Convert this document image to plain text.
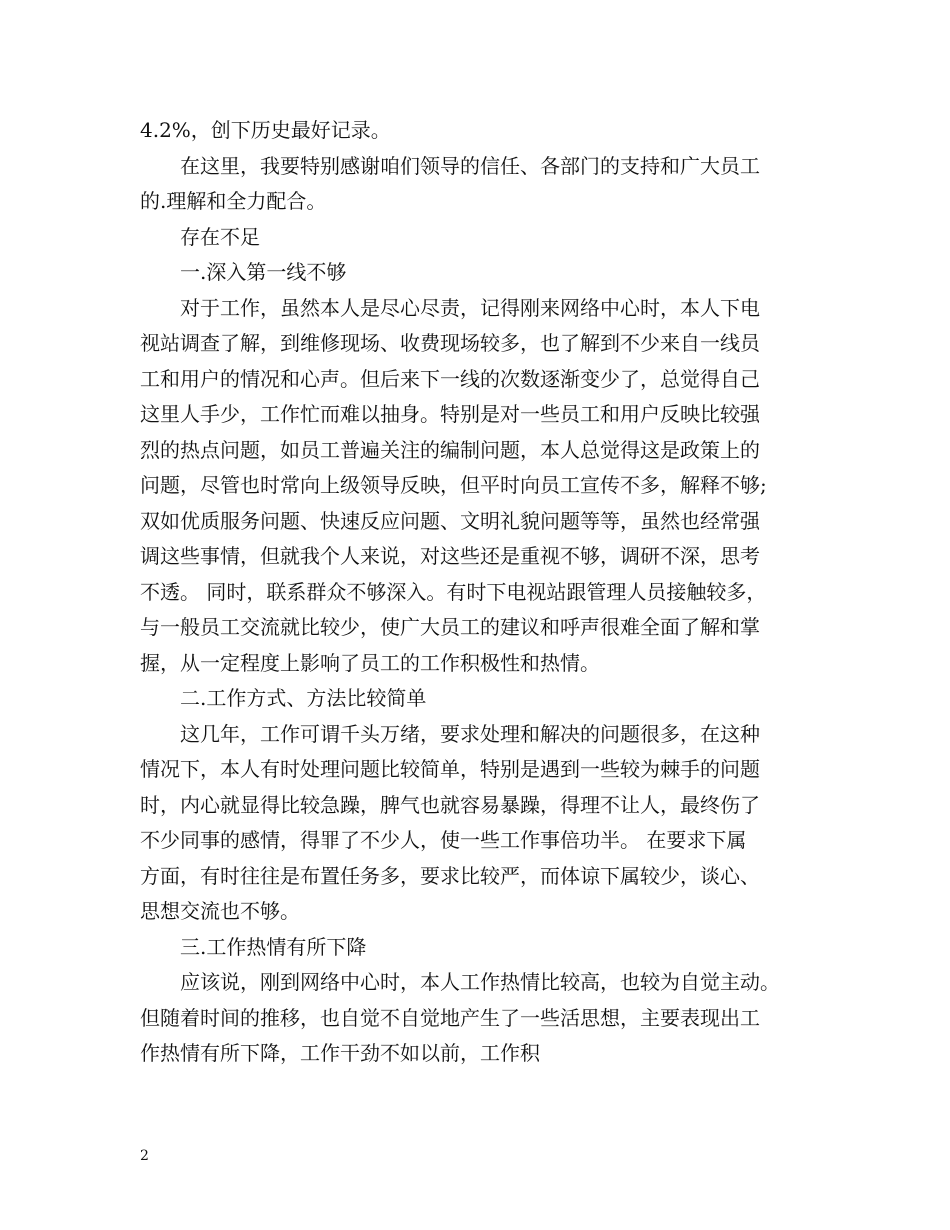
4.2%，创下历史最好记录。
在这里，我要特别感谢咱们领导的信任、各部门的支持和广大员工
的.理解和全力配合。
存在不足
一.深入第一线不够
对于工作，虽然本人是尽心尽责，记得刚来网络中心时，本人下电
视站调查了解，到维修现场、收费现场较多，也了解到不少来自一线员
工和用户的情况和心声。但后来下一线的次数逐渐变少了，总觉得自己
这里人手少，工作忙而难以抽身。特别是对一些员工和用户反映比较强
烈的热点问题，如员工普遍关注的编制问题，本人总觉得这是政策上的
问题，尽管也时常向上级领导反映，但平时向员工宣传不多，解释不够;
双如优质服务问题、快速反应问题、文明礼貌问题等等，虽然也经常强
调这些事情，但就我个人来说，对这些还是重视不够，调研不深，思考
不透。 同时，联系群众不够深入。有时下电视站跟管理人员接触较多，
与一般员工交流就比较少，使广大员工的建议和呼声很难全面了解和掌
握，从一定程度上影响了员工的工作积极性和热情。
二.工作方式、方法比较简单
这几年，工作可谓千头万绪，要求处理和解决的问题很多，在这种
情况下，本人有时处理问题比较简单，特别是遇到一些较为棘手的问题
时，内心就显得比较急躁，脾气也就容易暴躁，得理不让人，最终伤了
不少同事的感情，得罪了不少人，使一些工作事倍功半。 在要求下属
方面，有时往往是布置任务多，要求比较严，而体谅下属较少，谈心、
思想交流也不够。
三.工作热情有所下降
应该说，刚到网络中心时，本人工作热情比较高，也较为自觉主动。
但随着时间的推移，也自觉不自觉地产生了一些活思想，主要表现出工
作热情有所下降，工作干劲不如以前，工作积
2
